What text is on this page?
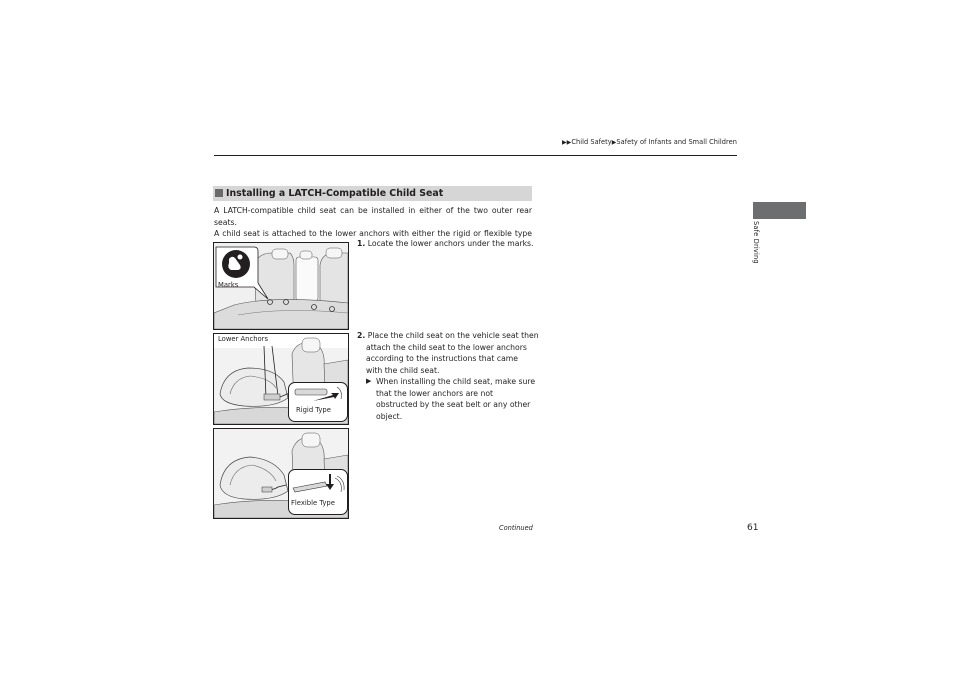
▶▶Child Safety▶Safety of Infants and Small Children
Installing a LATCH-Compatible Child Seat
A LATCH-compatible child seat can be installed in either of the two outer rear seats.
A child seat is attached to the lower anchors with either the rigid or flexible type
Marks
Lower Anchors
Rigid Type
Flexible Type
1. Locate the lower anchors under the marks.
2. Place the child seat on the vehicle seat then
attach the child seat to the lower anchors
according to the instructions that came
with the child seat.
▶ When installing the child seat, make sure
that the lower anchors are not
obstructed by the seat belt or any other
object.
Continued	61
Safe Driving
